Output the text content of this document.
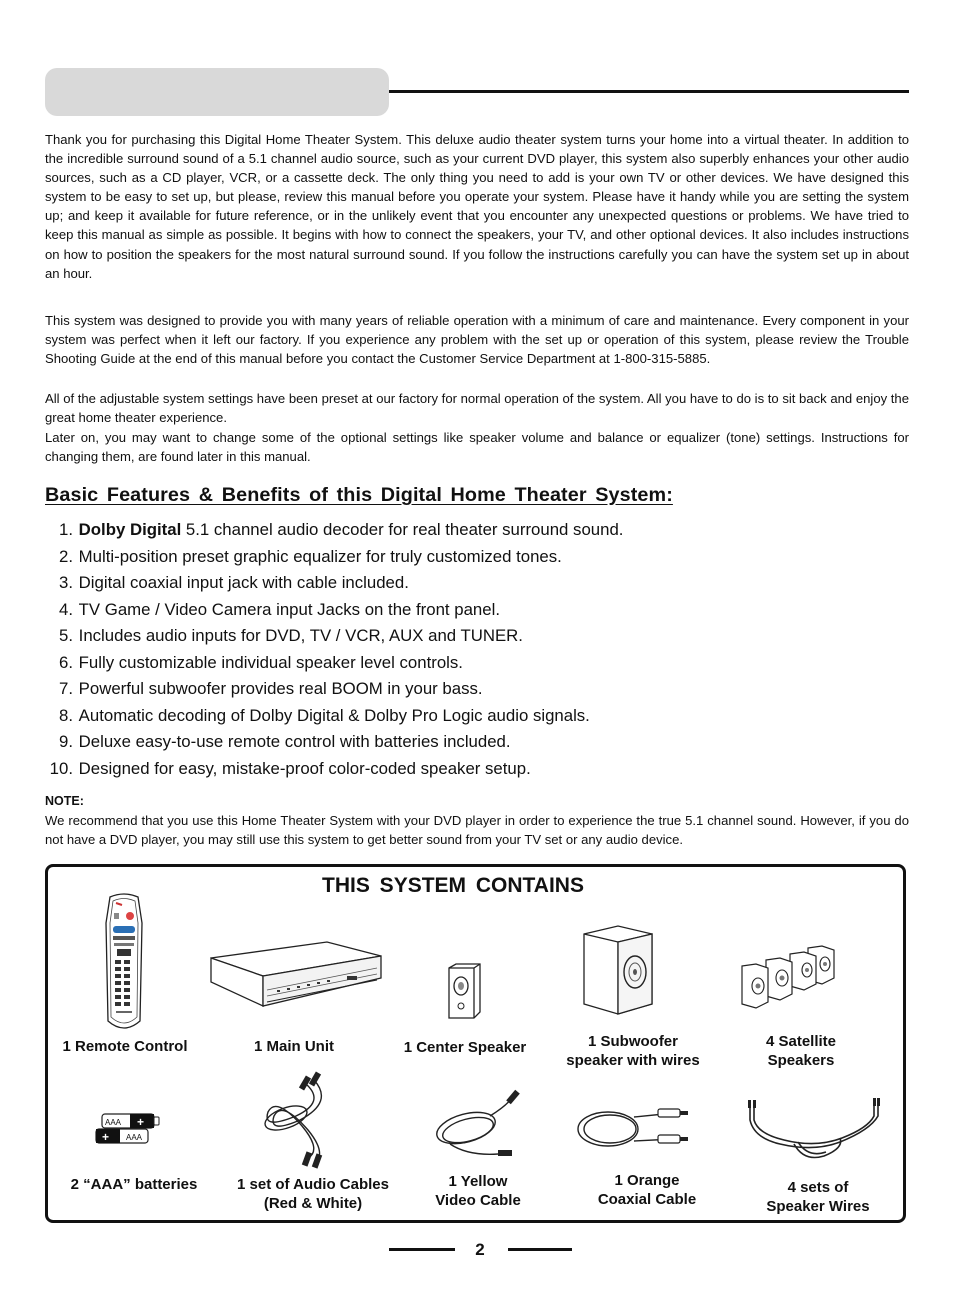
Thank you for purchasing this Digital Home Theater System. This deluxe audio theater system turns your home into a virtual theater. In addition to the incredible surround sound of a 5.1 channel audio source, such as your current DVD player, this system also superbly enhances your other audio sources, such as a CD player, VCR, or a cassette deck. The only thing you need to add is your own TV or other devices. We have designed this system to be easy to set up, but please, review this manual before you operate your system. Please have it handy while you are setting the system up; and keep it available for future reference, or in the unlikely event that you encounter any unexpected questions or problems. We have tried to keep this manual as simple as possible. It begins with how to connect the speakers, your TV, and other optional devices. It also includes instructions on how to position the speakers for the most natural surround sound. If you follow the instructions carefully you can have the system set up in about an hour.

This system was designed to provide you with many years of reliable operation with a minimum of care and maintenance. Every component in your system was perfect when it left our factory. If you experience any problem with the set up or operation of this system, please review the Trouble Shooting Guide at the end of this manual before you contact the Customer Service Department at 1-800-315-5885.

All of the adjustable system settings have been preset at our factory for normal operation of the system. All you have to do is to sit back and enjoy the great home theater experience.

Later on, you may want to change some of the optional settings like speaker volume and balance or equalizer (tone) settings. Instructions for changing them, are found later in this manual.

Basic Features & Benefits of this Digital Home Theater System:
1. Dolby Digital 5.1 channel audio decoder for real theater surround sound.
2. Multi-position preset graphic equalizer for truly customized tones.
3. Digital coaxial input jack with cable included.
4. TV Game / Video Camera input Jacks on the front panel.
5. Includes audio inputs for DVD, TV / VCR, AUX and TUNER.
6. Fully customizable individual speaker level controls.
7. Powerful subwoofer provides real BOOM in your bass.
8. Automatic decoding of Dolby Digital & Dolby Pro Logic audio signals.
9. Deluxe easy-to-use remote control with batteries included.
10. Designed for easy, mistake-proof color-coded speaker setup.
NOTE:

We recommend that you use this Home Theater System with your DVD player in order to experience the true 5.1 channel sound. However, if you do not have a DVD player, you may still use this system to get better sound from your TV set or any audio device.

THIS SYSTEM CONTAINS
1 Remote Control	1 Main Unit	1 Center Speaker	1 Subwoofer
speaker with wires
4 Satellite
Speakers
AAA +
+ AAA
2 “AAA” batteries	1 set of Audio Cables
(Red & White)
1 Yellow
Video Cable
1 Orange
Coaxial Cable
4 sets of
Speaker Wires
2
